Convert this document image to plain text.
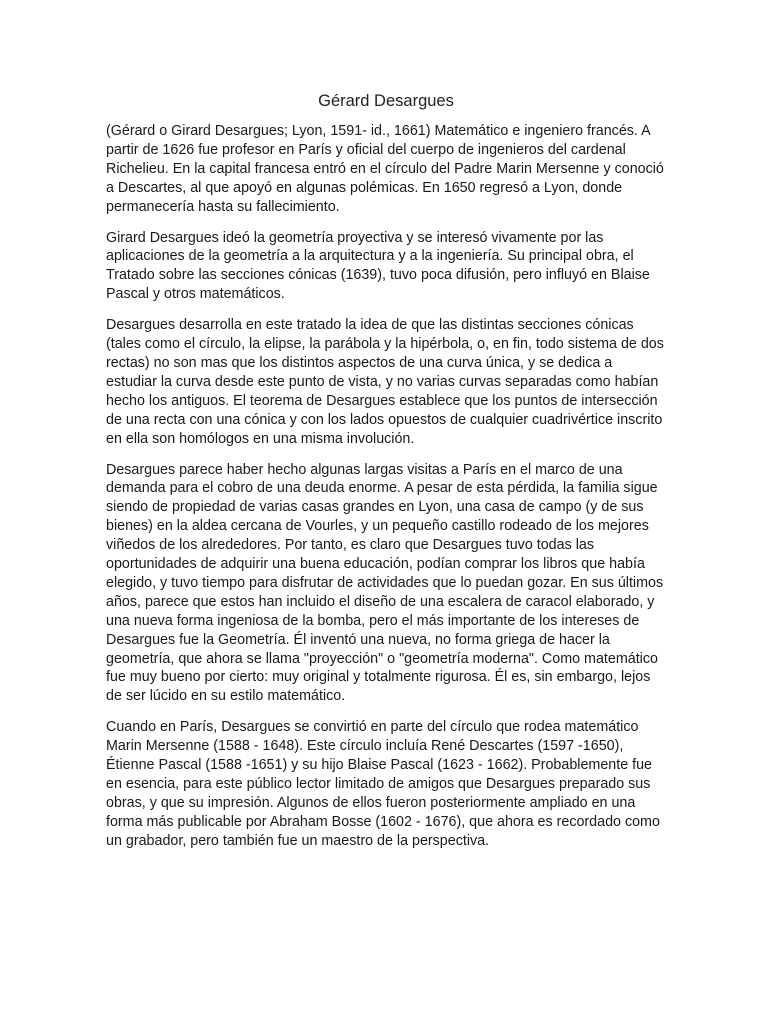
Gérard Desargues

(Gérard o Girard Desargues; Lyon, 1591- id., 1661) Matemático e ingeniero francés. A partir de 1626 fue profesor en París y oficial del cuerpo de ingenieros del cardenal Richelieu. En la capital francesa entró en el círculo del Padre Marin Mersenne y conoció a Descartes, al que apoyó en algunas polémicas. En 1650 regresó a Lyon, donde permanecería hasta su fallecimiento.

Girard Desargues ideó la geometría proyectiva y se interesó vivamente por las aplicaciones de la geometría a la arquitectura y a la ingeniería. Su principal obra, el Tratado sobre las secciones cónicas (1639), tuvo poca difusión, pero influyó en Blaise Pascal y otros matemáticos.

Desargues desarrolla en este tratado la idea de que las distintas secciones cónicas (tales como el círculo, la elipse, la parábola y la hipérbola, o, en fin, todo sistema de dos rectas) no son mas que los distintos aspectos de una curva única, y se dedica a estudiar la curva desde este punto de vista, y no varias curvas separadas como habían hecho los antiguos. El teorema de Desargues establece que los puntos de intersección de una recta con una cónica y con los lados opuestos de cualquier cuadrivértice inscrito en ella son homólogos en una misma involución.

Desargues parece haber hecho algunas largas visitas a París en el marco de una demanda para el cobro de una deuda enorme. A pesar de esta pérdida, la familia sigue siendo de propiedad de varias casas grandes en Lyon, una casa de campo (y de sus bienes) en la aldea cercana de Vourles, y un pequeño castillo rodeado de los mejores viñedos de los alrededores. Por tanto, es claro que Desargues tuvo todas las oportunidades de adquirir una buena educación, podían comprar los libros que había elegido, y tuvo tiempo para disfrutar de actividades que lo puedan gozar. En sus últimos años, parece que estos han incluido el diseño de una escalera de caracol elaborado, y una nueva forma ingeniosa de la bomba, pero el más importante de los intereses de Desargues fue la Geometría. Él inventó una nueva, no forma griega de hacer la geometría, que ahora se llama "proyección" o "geometría moderna". Como matemático fue muy bueno por cierto: muy original y totalmente rigurosa. Él es, sin embargo, lejos de ser lúcido en su estilo matemático.

Cuando en París, Desargues se convirtió en parte del círculo que rodea matemático Marin Mersenne (1588 - 1648). Este círculo incluía René Descartes (1597 -1650), Étienne Pascal (1588 -1651) y su hijo Blaise Pascal (1623 - 1662). Probablemente fue en esencia, para este público lector limitado de amigos que Desargues preparado sus obras, y que su impresión. Algunos de ellos fueron posteriormente ampliado en una forma más publicable por Abraham Bosse (1602 - 1676), que ahora es recordado como un grabador, pero también fue un maestro de la perspectiva.
